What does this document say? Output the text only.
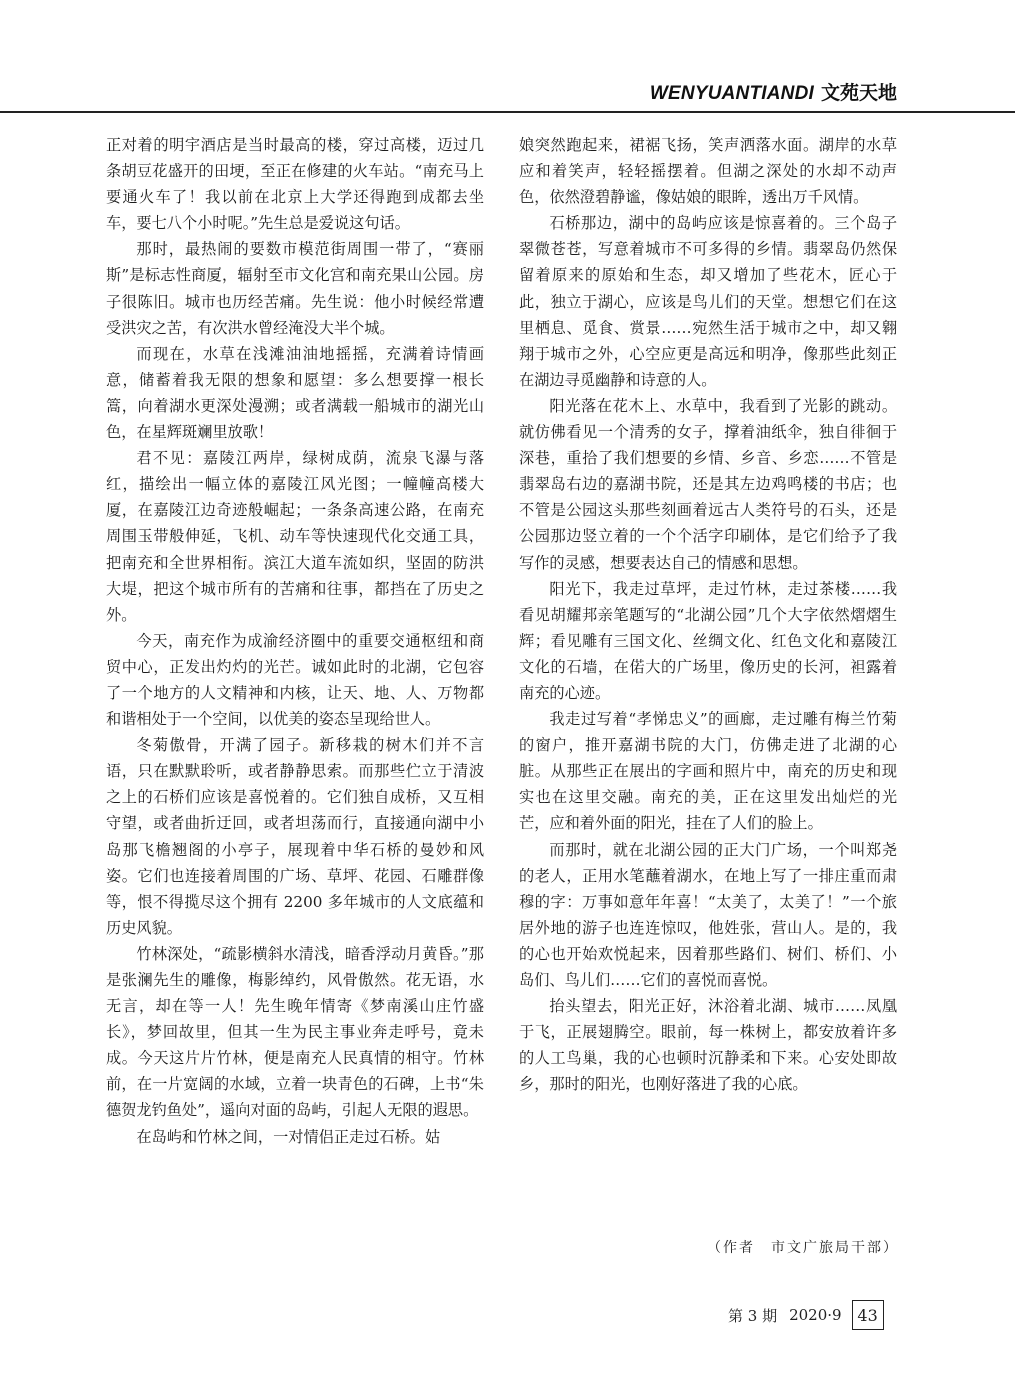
WENYUANTIANDI 文苑天地

正对着的明宇酒店是当时最高的楼，穿过高楼，迈过几条胡豆花盛开的田埂，至正在修建的火车站。“南充马上要通火车了！我以前在北京上大学还得跑到成都去坐车，要七八个小时呢。”先生总是爱说这句话。

那时，最热闹的要数市模范街周围一带了，“赛丽斯”是标志性商厦，辐射至市文化宫和南充果山公园。房子很陈旧。城市也历经苦痛。先生说：他小时候经常遭受洪灾之苦，有次洪水曾经淹没大半个城。

而现在，水草在浅滩油油地摇摇，充满着诗情画意，储蓄着我无限的想象和愿望：多么想要撑一根长篙，向着湖水更深处漫溯；或者满载一船城市的湖光山色，在星辉斑斓里放歌！

君不见：嘉陵江两岸，绿树成荫，流泉飞瀑与落红，描绘出一幅立体的嘉陵江风光图；一幢幢高楼大厦，在嘉陵江边奇迹般崛起；一条条高速公路，在南充周围玉带般伸延，飞机、动车等快速现代化交通工具，把南充和全世界相衔。滨江大道车流如织，坚固的防洪大堤，把这个城市所有的苦痛和往事，都挡在了历史之外。

今天，南充作为成渝经济圈中的重要交通枢纽和商贸中心，正发出灼灼的光芒。诚如此时的北湖，它包容了一个地方的人文精神和内核，让天、地、人、万物都和谐相处于一个空间，以优美的姿态呈现给世人。

冬菊傲骨，开满了园子。新移栽的树木们并不言语，只在默默聆听，或者静静思索。而那些伫立于清波之上的石桥们应该是喜悦着的。它们独自成桥，又互相守望，或者曲折迂回，或者坦荡而行，直接通向湖中小岛那飞檐翘阁的小亭子，展现着中华石桥的曼妙和风姿。它们也连接着周围的广场、草坪、花园、石雕群像等，恨不得揽尽这个拥有 2200 多年城市的人文底蕴和历史风貌。

竹林深处，“疏影横斜水清浅，暗香浮动月黄昏。”那是张澜先生的雕像，梅影绰约，风骨傲然。花无语，水无言，却在等一人！先生晚年情寄《梦南溪山庄竹盛长》，梦回故里，但其一生为民主事业奔走呼号，竟未成。今天这片片竹林，便是南充人民真情的相守。竹林前，在一片宽阔的水域，立着一块青色的石碑，上书“朱德贺龙钓鱼处”，遥向对面的岛屿，引起人无限的遐思。

在岛屿和竹林之间，一对情侣正走过石桥。姑

娘突然跑起来，裙裾飞扬，笑声洒落水面。湖岸的水草应和着笑声，轻轻摇摆着。但湖之深处的水却不动声色，依然澄碧静谧，像姑娘的眼眸，透出万千风情。

石桥那边，湖中的岛屿应该是惊喜着的。三个岛子翠微苍苍，写意着城市不可多得的乡情。翡翠岛仍然保留着原来的原始和生态，却又增加了些花木，匠心于此，独立于湖心，应该是鸟儿们的天堂。想想它们在这里栖息、觅食、赏景……宛然生活于城市之中，却又翱翔于城市之外，心空应更是高远和明净，像那些此刻正在湖边寻觅幽静和诗意的人。

阳光落在花木上、水草中，我看到了光影的跳动。就仿佛看见一个清秀的女子，撑着油纸伞，独自徘徊于深巷，重拾了我们想要的乡情、乡音、乡恋……不管是翡翠岛右边的嘉湖书院，还是其左边鸡鸣楼的书店；也不管是公园这头那些刻画着远古人类符号的石头，还是公园那边竖立着的一个个活字印刷体，是它们给予了我写作的灵感，想要表达自己的情感和思想。

阳光下，我走过草坪，走过竹林，走过茶楼……我看见胡耀邦亲笔题写的“北湖公园”几个大字依然熠熠生辉；看见雕有三国文化、丝绸文化、红色文化和嘉陵江文化的石墙，在偌大的广场里，像历史的长河，袒露着南充的心迹。

我走过写着“孝悌忠义”的画廊，走过雕有梅兰竹菊的窗户，推开嘉湖书院的大门，仿佛走进了北湖的心脏。从那些正在展出的字画和照片中，南充的历史和现实也在这里交融。南充的美，正在这里发出灿烂的光芒，应和着外面的阳光，挂在了人们的脸上。

而那时，就在北湖公园的正大门广场，一个叫郑尧的老人，正用水笔蘸着湖水，在地上写了一排庄重而肃穆的字：万事如意年年喜！“太美了，太美了！”一个旅居外地的游子也连连惊叹，他姓张，营山人。是的，我的心也开始欢悦起来，因着那些路们、树们、桥们、小岛们、鸟儿们……它们的喜悦而喜悦。

抬头望去，阳光正好，沐浴着北湖、城市……凤凰于飞，正展翅腾空。眼前，每一株树上，都安放着许多的人工鸟巢，我的心也顿时沉静柔和下来。心安处即故乡，那时的阳光，也刚好落进了我的心底。

（作者　市文广旅局干部）
第 3 期 2020·9 43
